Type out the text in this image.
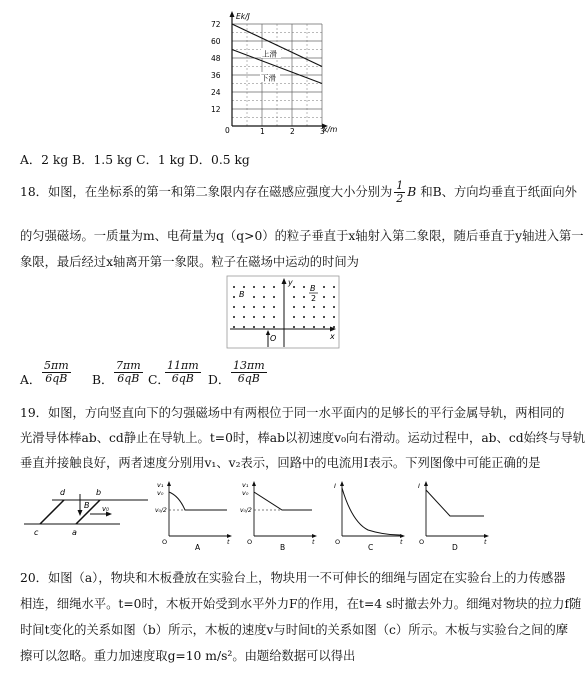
Ek/J
x/m
0
72
60
48
36
24
12
1	2	3
上滑
下滑
A．2 kg B．1.5 kg C．1 kg D．0.5 kg
18．如图，在坐标系的第一和第二象限内存在磁感应强度大小分别为 $\frac{1}{2}$ B 和B、方向均垂直于纸面向外
的匀强磁场。一质量为m、电荷量为q（q>0）的粒子垂直于x轴射入第二象限，随后垂直于y轴进入第一
象限，最后经过x轴离开第一象限。粒子在磁场中运动的时间为
B
B
2
y
x
O
A． $\frac{5\pi m}{6qB}$ B． $\frac{7\pi m}{6qB}$ C．
$\frac{11\pi m}{6qB}$ D． $\frac{13\pi m}{6qB}$
19．如图，方向竖直向下的匀强磁场中有两根位于同一水平面内的足够长的平行金属导轨，两相同的
光滑导体棒ab、cd静止在导轨上。t=0时，棒ab以初速度v₀向右滑动。运动过程中，ab、cd始终与导轨
垂直并接触良好，两者速度分别用v₁、v₂表示，回路中的电流用I表示。下列图像中可能正确的是
d	b
c	a
B v₀
v₁
v₀
v₀/2
O	t
A
v₁
v₀
v₀/2
O	t
B
I
O	t
C
I
O	t
D
20．如图（a），物块和木板叠放在实验台上，物块用一不可伸长的细绳与固定在实验台上的力传感器
相连，细绳水平。t=0时，木板开始受到水平外力F的作用，在t=4 s时撤去外力。细绳对物块的拉力f随
时间t变化的关系如图（b）所示，木板的速度v与时间t的关系如图（c）所示。木板与实验台之间的摩
擦可以忽略。重力加速度取g=10 m/s²。由题给数据可以得出
